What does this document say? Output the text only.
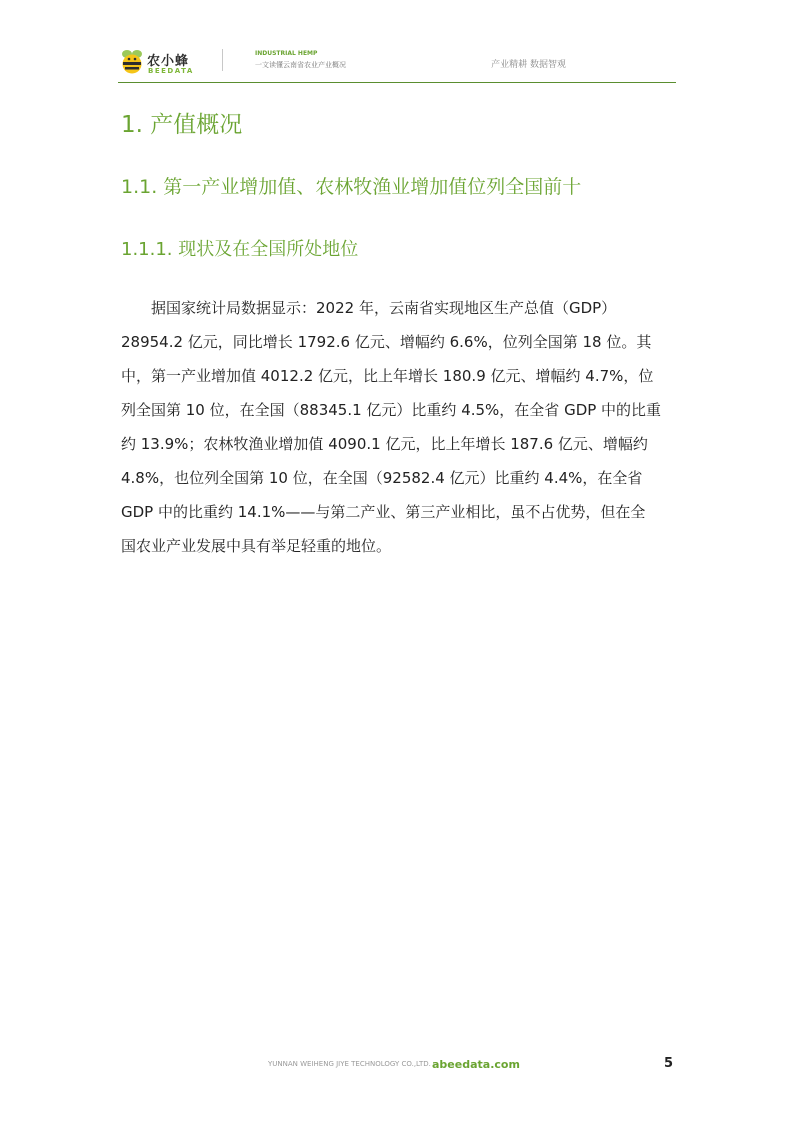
农小蜂
BEEDATA
INDUSTRIAL HEMP
一文读懂云南省农业产业概况	产业精耕 数据智观
1. 产值概况
1.1. 第一产业增加值、农林牧渔业增加值位列全国前十
1.1.1. 现状及在全国所处地位
据国家统计局数据显示：2022 年，云南省实现地区生产总值（GDP）
28954.2 亿元，同比增长 1792.6 亿元、增幅约 6.6%，位列全国第 18 位。其
中，第一产业增加值 4012.2 亿元，比上年增长 180.9 亿元、增幅约 4.7%，位
列全国第 10 位，在全国（88345.1 亿元）比重约 4.5%，在全省 GDP 中的比重
约 13.9%；农林牧渔业增加值 4090.1 亿元，比上年增长 187.6 亿元、增幅约
4.8%，也位列全国第 10 位，在全国（92582.4 亿元）比重约 4.4%，在全省
GDP 中的比重约 14.1%——与第二产业、第三产业相比，虽不占优势，但在全
国农业产业发展中具有举足轻重的地位。
YUNNAN WEIHENG JIYE TECHNOLOGY CO.,LTD. abeedata.com	5
